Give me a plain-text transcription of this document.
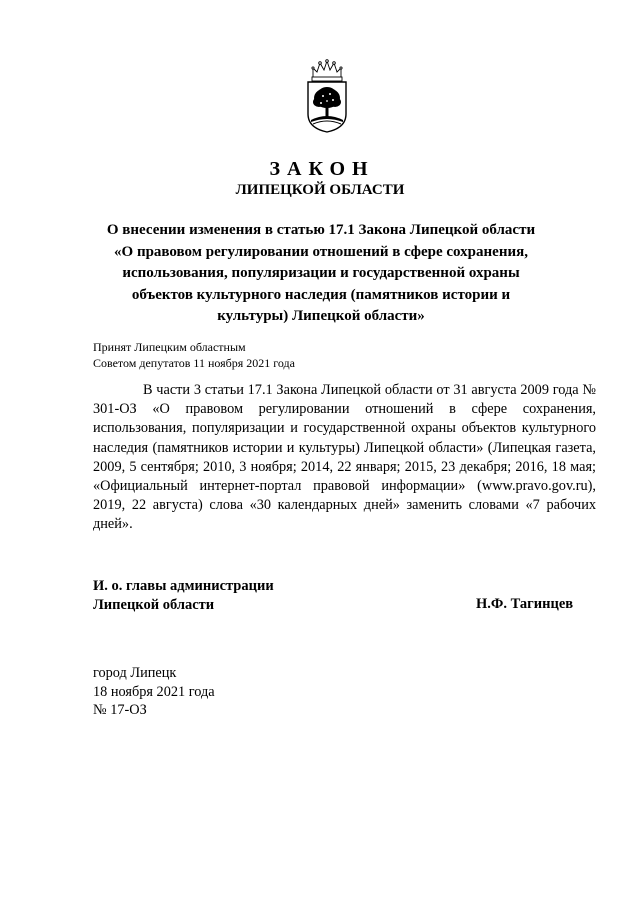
ЗАКОН
ЛИПЕЦКОЙ ОБЛАСТИ
О внесении изменения в статью 17.1 Закона Липецкой области
«О правовом регулировании отношений в сфере сохранения,
использования, популяризации и государственной охраны
объектов культурного наследия (памятников истории и
культуры) Липецкой области»
Принят Липецким областным
Советом депутатов 11 ноября 2021 года
В части 3 статьи 17.1 Закона Липецкой области от 31 августа 2009 года № 301-ОЗ «О правовом регулировании отношений в сфере сохранения, использования, популяризации и государственной охраны объектов культурного наследия (памятников истории и культуры) Липецкой области» (Липецкая газета, 2009, 5 сентября; 2010, 3 ноября; 2014, 22 января; 2015, 23 декабря; 2016, 18 мая; «Официальный интернет-портал правовой информации» (www.pravo.gov.ru), 2019, 22 августа) слова «30 календарных дней» заменить словами «7 рабочих дней».
И. о. главы администрации
Липецкой области	Н.Ф. Тагинцев
город Липецк
18 ноября 2021 года
№ 17-ОЗ
